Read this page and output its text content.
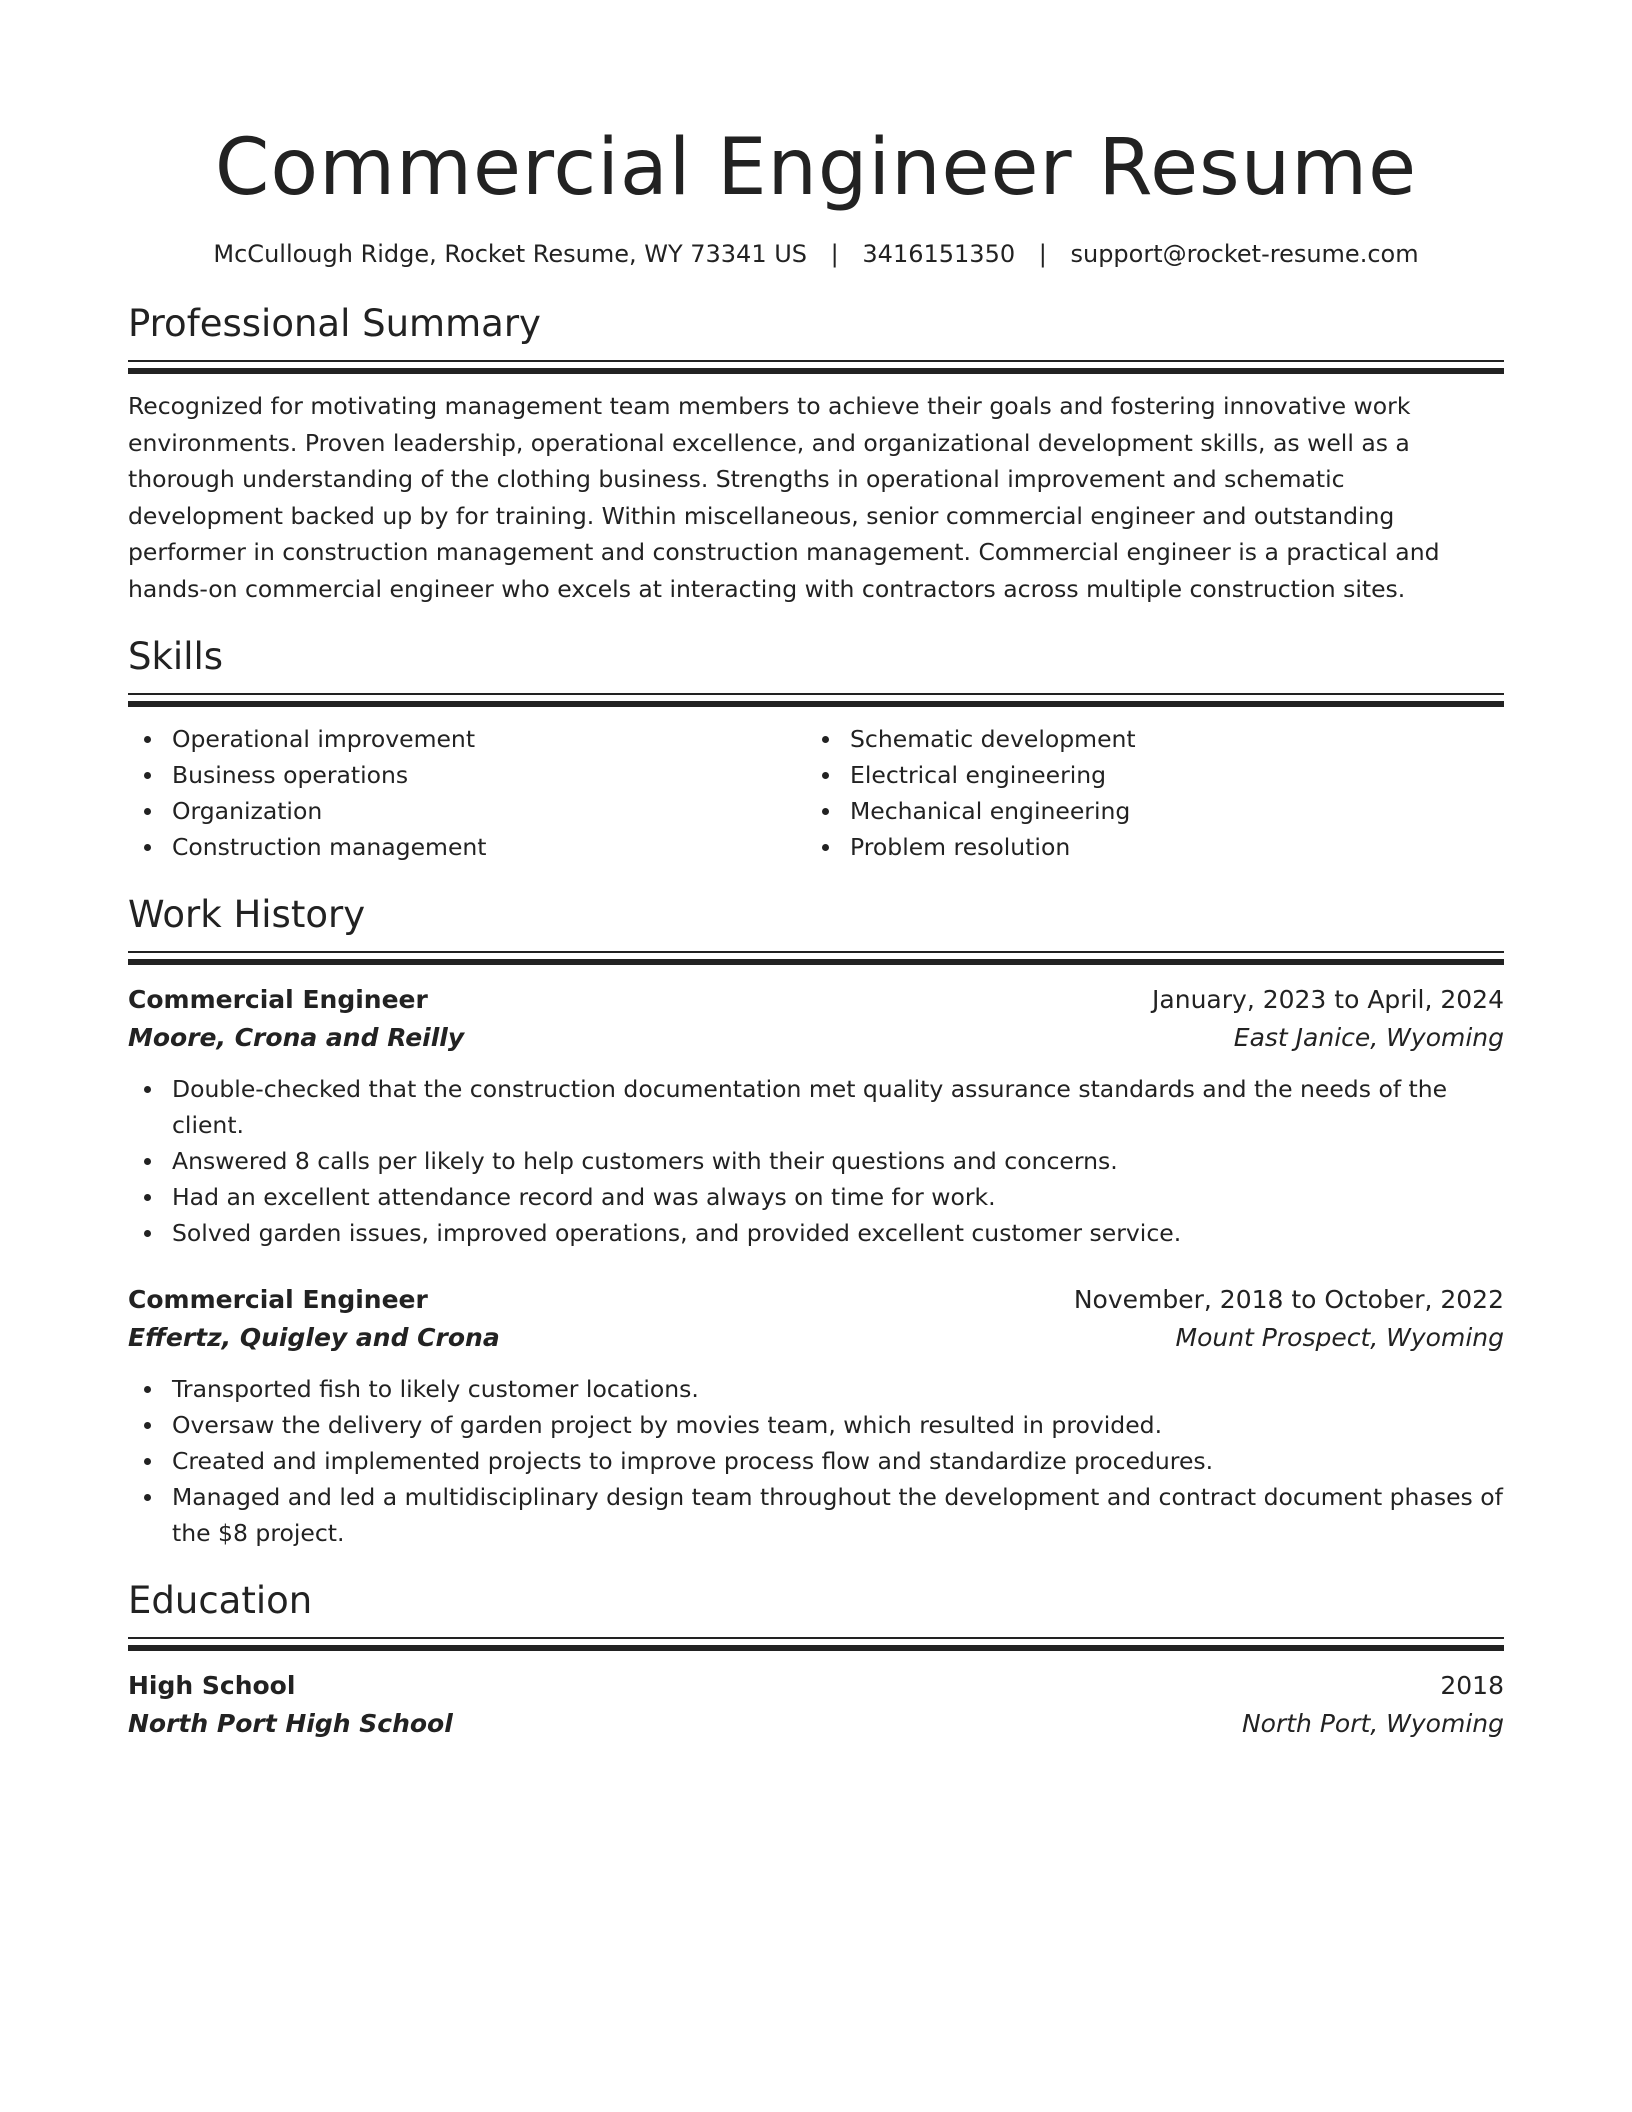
Commercial Engineer Resume
McCullough Ridge, Rocket Resume, WY 73341 US | 3416151350 | support@rocket-resume.com
Professional Summary
Recognized for motivating management team members to achieve their goals and fostering innovative work environments. Proven leadership, operational excellence, and organizational development skills, as well as a thorough understanding of the clothing business. Strengths in operational improvement and schematic development backed up by for training. Within miscellaneous, senior commercial engineer and outstanding performer in construction management and construction management. Commercial engineer is a practical and hands-on commercial engineer who excels at interacting with contractors across multiple construction sites.
Skills
Operational improvement
Business operations
Organization
Construction management
Schematic development
Electrical engineering
Mechanical engineering
Problem resolution
Work History
Commercial Engineer	January, 2023 to April, 2024
Moore, Crona and Reilly	East Janice, Wyoming
Double-checked that the construction documentation met quality assurance standards and the needs of the client.
Answered 8 calls per likely to help customers with their questions and concerns.
Had an excellent attendance record and was always on time for work.
Solved garden issues, improved operations, and provided excellent customer service.
Commercial Engineer	November, 2018 to October, 2022
Effertz, Quigley and Crona	Mount Prospect, Wyoming
Transported fish to likely customer locations.
Oversaw the delivery of garden project by movies team, which resulted in provided.
Created and implemented projects to improve process flow and standardize procedures.
Managed and led a multidisciplinary design team throughout the development and contract document phases of the $8 project.
Education
High School	2018
North Port High School	North Port, Wyoming
